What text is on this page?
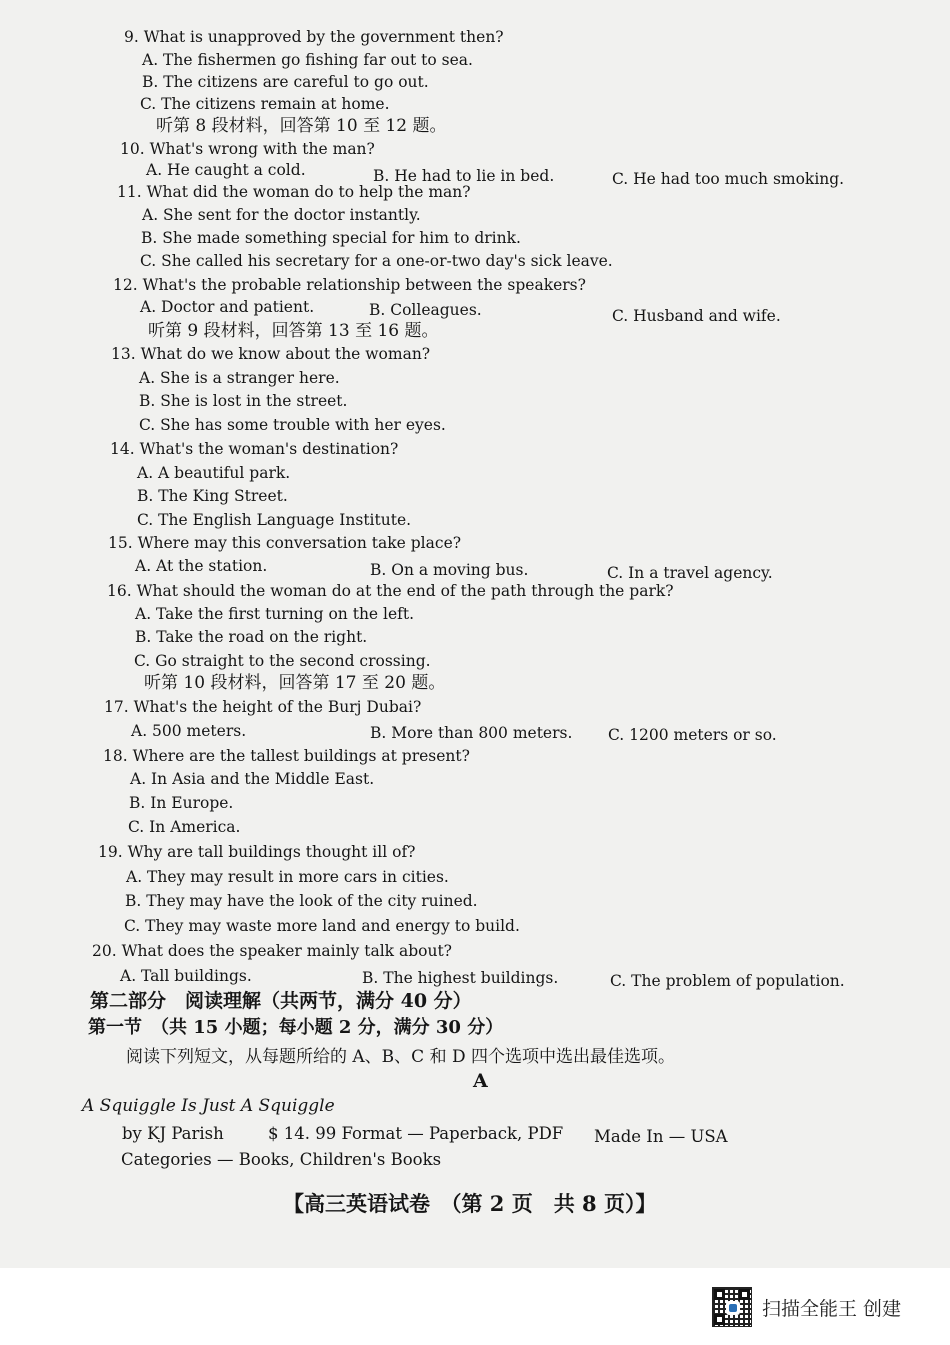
9. What is unapproved by the government then?
A. The fishermen go fishing far out to sea.
B. The citizens are careful to go out.
C. The citizens remain at home.
听第 8 段材料，回答第 10 至 12 题。
10. What's wrong with the man?
A. He caught a cold.	B. He had to lie in bed.	C. He had too much smoking.
11. What did the woman do to help the man?
A. She sent for the doctor instantly.
B. She made something special for him to drink.
C. She called his secretary for a one-or-two day's sick leave.
12. What's the probable relationship between the speakers?
A. Doctor and patient.	B. Colleagues.	C. Husband and wife.
听第 9 段材料，回答第 13 至 16 题。
13. What do we know about the woman?
A. She is a stranger here.
B. She is lost in the street.
C. She has some trouble with her eyes.
14. What's the woman's destination?
A. A beautiful park.
B. The King Street.
C. The English Language Institute.
15. Where may this conversation take place?
A. At the station.	B. On a moving bus.	C. In a travel agency.
16. What should the woman do at the end of the path through the park?
A. Take the first turning on the left.
B. Take the road on the right.
C. Go straight to the second crossing.
听第 10 段材料，回答第 17 至 20 题。
17. What's the height of the Burj Dubai?
A. 500 meters.	B. More than 800 meters. C. 1200 meters or so.
18. Where are the tallest buildings at present?
A. In Asia and the Middle East.
B. In Europe.
C. In America.
19. Why are tall buildings thought ill of?
A. They may result in more cars in cities.
B. They may have the look of the city ruined.
C. They may waste more land and energy to build.
20. What does the speaker mainly talk about?
A. Tall buildings.	B. The highest buildings.	C. The problem of population.
第二部分　阅读理解（共两节，满分 40 分）
第一节　（共 15 小题；每小题 2 分，满分 30 分）
阅读下列短文，从每题所给的 A、B、C 和 D 四个选项中选出最佳选项。
A
A Squiggle Is Just A Squiggle
by KJ Parish	$ 14. 99 Format — Paperback, PDF Made In — USA
Categories — Books, Children's Books
【高三英语试卷　（第 2 页　共 8 页）】
扫描全能王 创建
